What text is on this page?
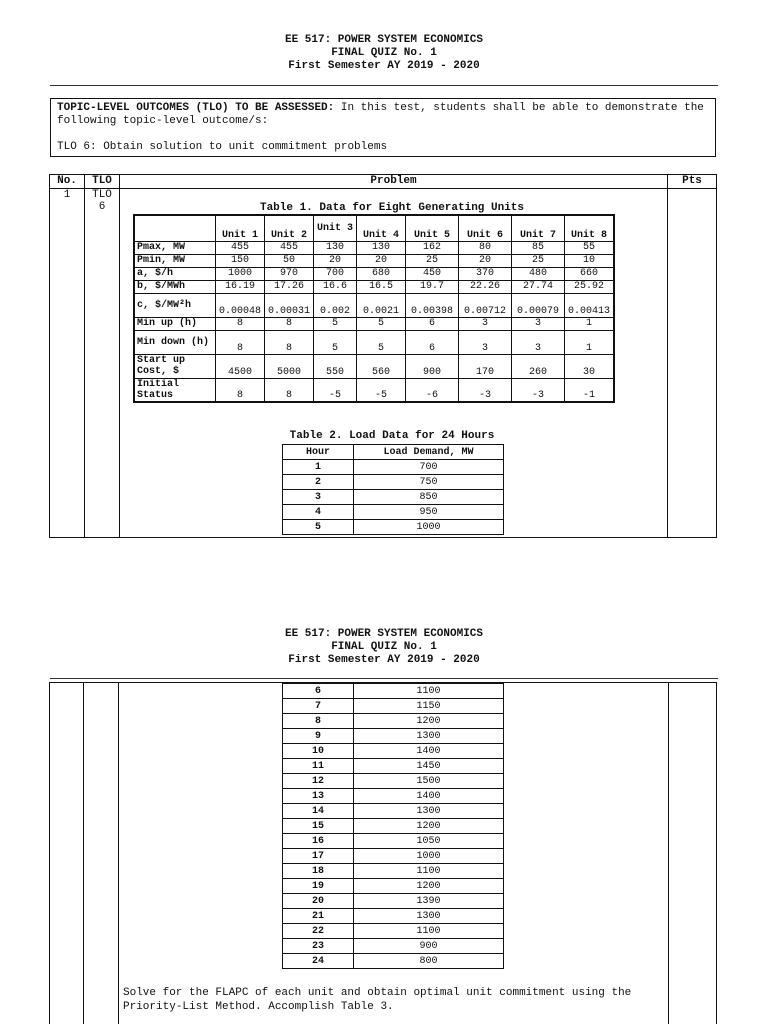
EE 517: POWER SYSTEM ECONOMICS
FINAL QUIZ No. 1
First Semester AY 2019 - 2020
TOPIC-LEVEL OUTCOMES (TLO) TO BE ASSESSED: In this test, students shall be able to demonstrate the following topic-level outcome/s:
TLO 6: Obtain solution to unit commitment problems
No.	TLO	Problem	Pts
1	TLO 6			Table 1. Data for Eight Generating Units
	Unit 1	Unit 2	Unit 3	Unit 4	Unit 5	Unit 6	Unit 7	Unit 8
Pmax, MW	455	455	130	130	162	80	85	55
Pmin, MW	150	50	20	20	25	20	25	10
a, $/h	1000	970	700	680	450	370	480	660
b, $/MWh	16.19	17.26	16.6	16.5	19.7	22.26	27.74	25.92
c, $/MW²h	0.00048	0.00031	0.002	0.0021	0.00398	0.00712	0.00079	0.00413
Min up (h)	8	8	5	5	6	3	3	1
Min down (h)	8	8	5	5	6	3	3	1
Start up Cost, $	4500	5000	550	560	900	170	260	30
Initial Status	8	8	-5	-5	-6	-3	-3	-1
Table 2. Load Data for 24 Hours
Hour	Load Demand, MW
1	700
2	750
3	850
4	950
5	1000
EE 517: POWER SYSTEM ECONOMICS
FINAL QUIZ No. 1
First Semester AY 2019 - 2020
6	1100
7	1150
8	1200
9	1300
10	1400
11	1450
12	1500
13	1400
14	1300
15	1200
16	1050
17	1000
18	1100
19	1200
20	1390
21	1300
22	1100
23	900
24	800
Solve for the FLAPC of each unit and obtain optimal unit commitment using the Priority-List Method. Accomplish Table 3.
